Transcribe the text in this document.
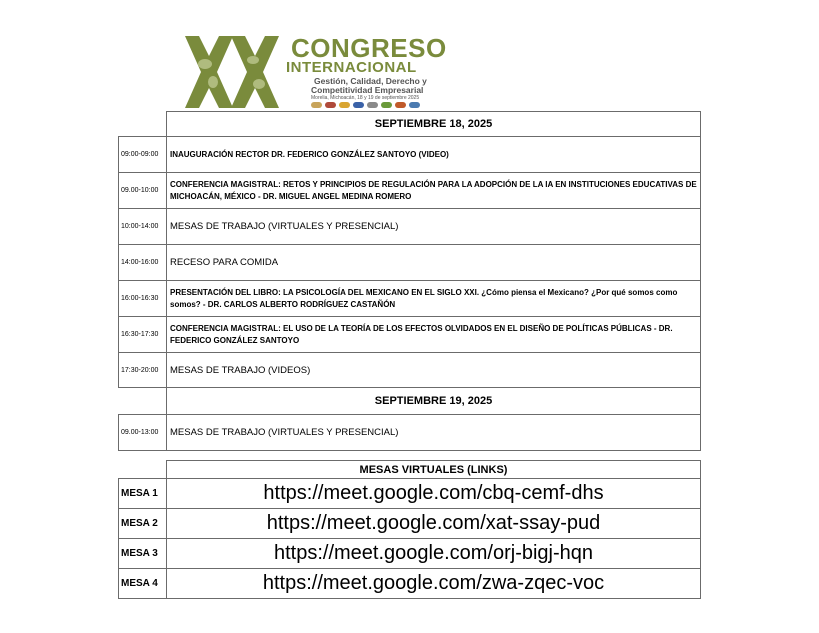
CONGRESO
INTERNACIONAL
Gestión, Calidad, Derecho y
Competitividad Empresarial
Morelia, Michoacán, 18 y 19 de septiembre 2025
	SEPTIEMBRE 18, 2025
09:00-09:00	INAUGURACIÓN RECTOR DR. FEDERICO GONZÁLEZ SANTOYO (VIDEO)
09.00-10:00	CONFERENCIA MAGISTRAL: RETOS Y PRINCIPIOS DE REGULACIÓN PARA LA ADOPCIÓN DE LA IA EN INSTITUCIONES EDUCATIVAS DE MICHOACÁN, MÉXICO - DR. MIGUEL ANGEL MEDINA ROMERO
10:00-14:00	MESAS DE TRABAJO (VIRTUALES Y PRESENCIAL)
14:00-16:00	RECESO PARA COMIDA
16:00-16:30	PRESENTACIÓN DEL LIBRO: LA PSICOLOGÍA DEL MEXICANO EN EL SIGLO XXI. ¿Cómo piensa el Mexicano? ¿Por qué somos como somos? - DR. CARLOS ALBERTO RODRÍGUEZ CASTAÑÓN
16:30-17:30	CONFERENCIA MAGISTRAL: EL USO DE LA TEORÍA DE LOS EFECTOS OLVIDADOS EN EL DISEÑO DE POLÍTICAS PÚBLICAS - DR. FEDERICO GONZÁLEZ SANTOYO
17:30-20:00	MESAS DE TRABAJO (VIDEOS)
	SEPTIEMBRE 19, 2025
09.00-13:00	MESAS DE TRABAJO (VIRTUALES Y PRESENCIAL)
	MESAS VIRTUALES (LINKS)
MESA 1	https://meet.google.com/cbq-cemf-dhs
MESA 2	https://meet.google.com/xat-ssay-pud
MESA 3	https://meet.google.com/orj-bigj-hqn
MESA 4	https://meet.google.com/zwa-zqec-voc
